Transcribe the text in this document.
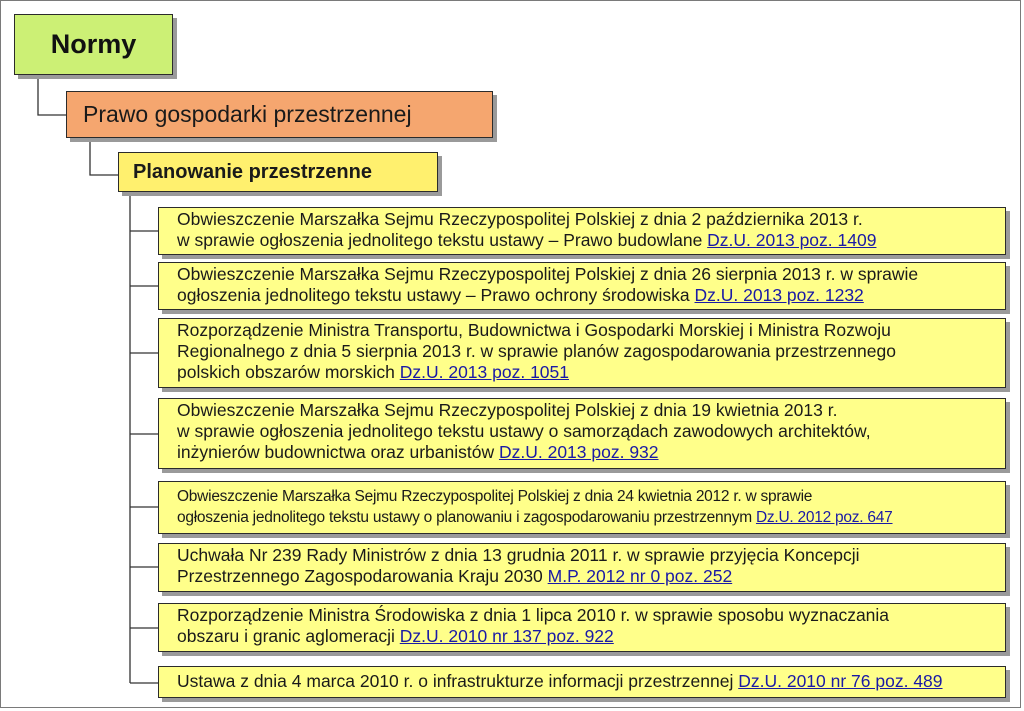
Normy
Prawo gospodarki przestrzennej
Planowanie przestrzenne
Obwieszczenie Marszałka Sejmu Rzeczypospolitej Polskiej z dnia 2 października 2013 r.
w sprawie ogłoszenia jednolitego tekstu ustawy – Prawo budowlane Dz.U. 2013 poz. 1409
Obwieszczenie Marszałka Sejmu Rzeczypospolitej Polskiej z dnia 26 sierpnia 2013 r. w sprawie
ogłoszenia jednolitego tekstu ustawy – Prawo ochrony środowiska Dz.U. 2013 poz. 1232
Rozporządzenie Ministra Transportu, Budownictwa i Gospodarki Morskiej i Ministra Rozwoju
Regionalnego z dnia 5 sierpnia 2013 r. w sprawie planów zagospodarowania przestrzennego
polskich obszarów morskich Dz.U. 2013 poz. 1051
Obwieszczenie Marszałka Sejmu Rzeczypospolitej Polskiej z dnia 19 kwietnia 2013 r.
w sprawie ogłoszenia jednolitego tekstu ustawy o samorządach zawodowych architektów,
inżynierów budownictwa oraz urbanistów Dz.U. 2013 poz. 932
Obwieszczenie Marszałka Sejmu Rzeczypospolitej Polskiej z dnia 24 kwietnia 2012 r. w sprawie
ogłoszenia jednolitego tekstu ustawy o planowaniu i zagospodarowaniu przestrzennym Dz.U. 2012 poz. 647
Uchwała Nr 239 Rady Ministrów z dnia 13 grudnia 2011 r. w sprawie przyjęcia Koncepcji
Przestrzennego Zagospodarowania Kraju 2030 M.P. 2012 nr 0 poz. 252
Rozporządzenie Ministra Środowiska z dnia 1 lipca 2010 r. w sprawie sposobu wyznaczania
obszaru i granic aglomeracji Dz.U. 2010 nr 137 poz. 922
Ustawa z dnia 4 marca 2010 r. o infrastrukturze informacji przestrzennej Dz.U. 2010 nr 76 poz. 489
